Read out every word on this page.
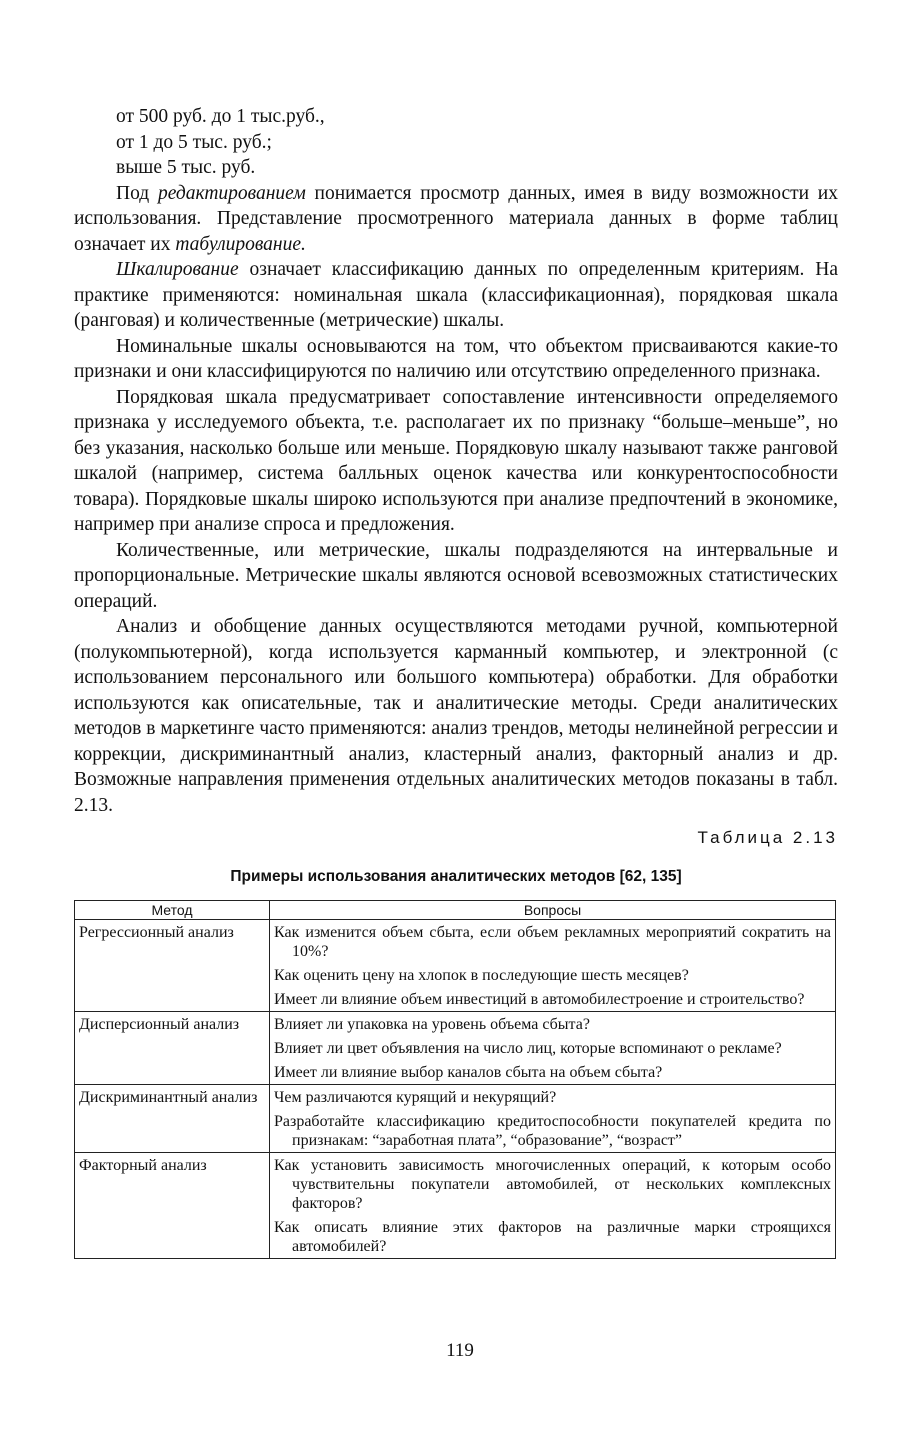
от 500 руб. до 1 тыс.руб.,
от 1 до 5 тыс. руб.;
выше 5 тыс. руб.

Под редактированием понимается просмотр данных, имея в виду возможности их использования. Представление просмотренного материала данных в форме таблиц означает их табулирование.

Шкалирование означает классификацию данных по определенным критериям. На практике применяются: номинальная шкала (классификационная), порядковая шкала (ранговая) и количественные (метрические) шкалы.

Номинальные шкалы основываются на том, что объектом присваиваются какие-то признаки и они классифицируются по наличию или отсутствию определенного признака.

Порядковая шкала предусматривает сопоставление интенсивности определяемого признака у исследуемого объекта, т.е. располагает их по признаку “больше–меньше”, но без указания, насколько больше или меньше. Порядковую шкалу называют также ранговой шкалой (например, система балльных оценок качества или конкурентоспособности товара). Порядковые шкалы широко используются при анализе предпочтений в экономике, например при анализе спроса и предложения.

Количественные, или метрические, шкалы подразделяются на интервальные и пропорциональные. Метрические шкалы являются основой всевозможных статистических операций.

Анализ и обобщение данных осуществляются методами ручной, компьютерной (полукомпьютерной), когда используется карманный компьютер, и электронной (с использованием персонального или большого компьютера) обработки. Для обработки используются как описательные, так и аналитические методы. Среди аналитических методов в маркетинге часто применяются: анализ трендов, методы нелинейной регрессии и коррекции, дискриминантный анализ, кластерный анализ, факторный анализ и др. Возможные направления применения отдельных аналитических методов показаны в табл. 2.13.

Таблица 2.13
Примеры использования аналитических методов [62, 135]
Метод	Вопросы

Регрессионный анализ	Как изменится объем сбыта, если объем рекламных мероприятий сократить на 10%?
Как оценить цену на хлопок в последующие шесть месяцев?
Имеет ли влияние объем инвестиций в автомобилестроение и строительство?

Дисперсионный анализ	Влияет ли упаковка на уровень объема сбыта?
Влияет ли цвет объявления на число лиц, которые вспоминают о рекламе?
Имеет ли влияние выбор каналов сбыта на объем сбыта?

Дискриминантный анализ	Чем различаются курящий и некурящий?
Разработайте классификацию кредитоспособности покупателей кредита по признакам: “заработная плата”, “образование”, “возраст”

Факторный анализ	Как установить зависимость многочисленных операций, к которым особо чувствительны покупатели автомобилей, от нескольких комплексных факторов?
Как описать влияние этих факторов на различные марки строящихся автомобилей?
119
